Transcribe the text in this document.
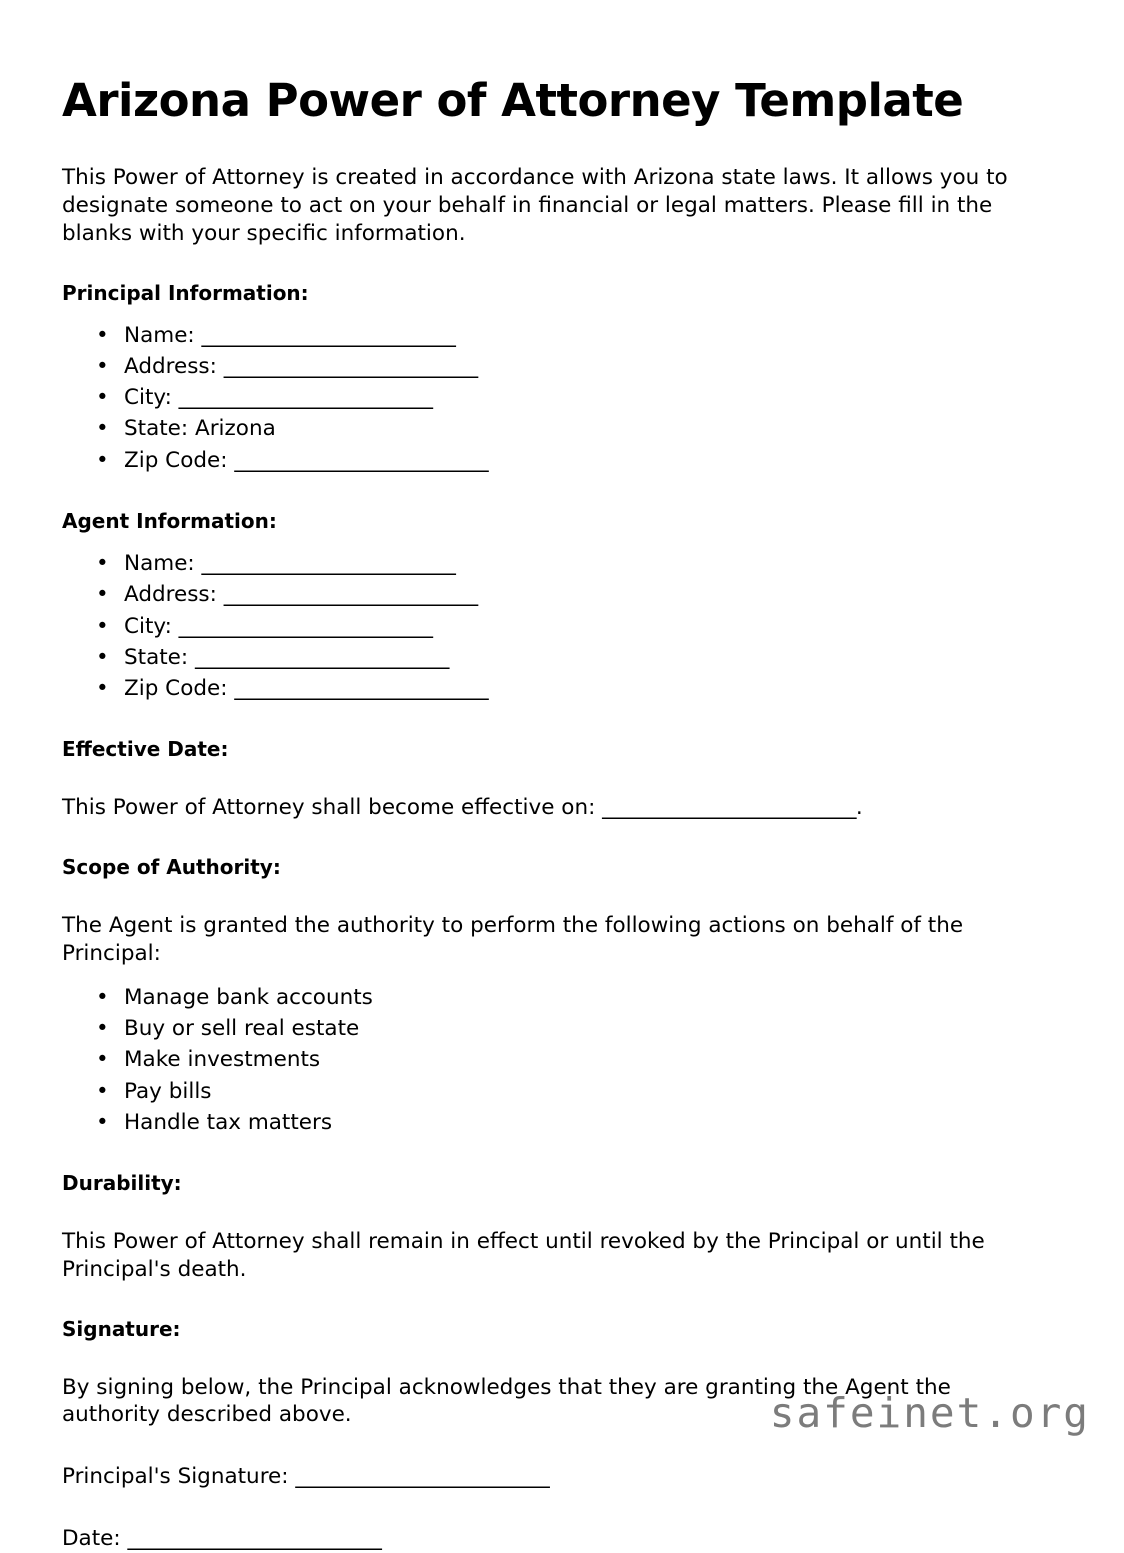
Arizona Power of Attorney Template

This Power of Attorney is created in accordance with Arizona state laws. It allows you to designate someone to act on your behalf in financial or legal matters. Please fill in the blanks with your specific information.

Principal Information:
• Name: _________________________
• Address: _________________________
• City: _________________________
• State: Arizona
• Zip Code: _________________________
Agent Information:
• Name: _________________________
• Address: _________________________
• City: _________________________
• State: _________________________
• Zip Code: _________________________
Effective Date:

This Power of Attorney shall become effective on: _________________________.

Scope of Authority:

The Agent is granted the authority to perform the following actions on behalf of the Principal:

• Manage bank accounts
• Buy or sell real estate
• Make investments
• Pay bills
• Handle tax matters
Durability:

This Power of Attorney shall remain in effect until revoked by the Principal or until the Principal's death.

Signature:

By signing below, the Principal acknowledges that they are granting the Agent the authority described above.

Principal's Signature: _________________________

Date: _________________________

safeinet.org
